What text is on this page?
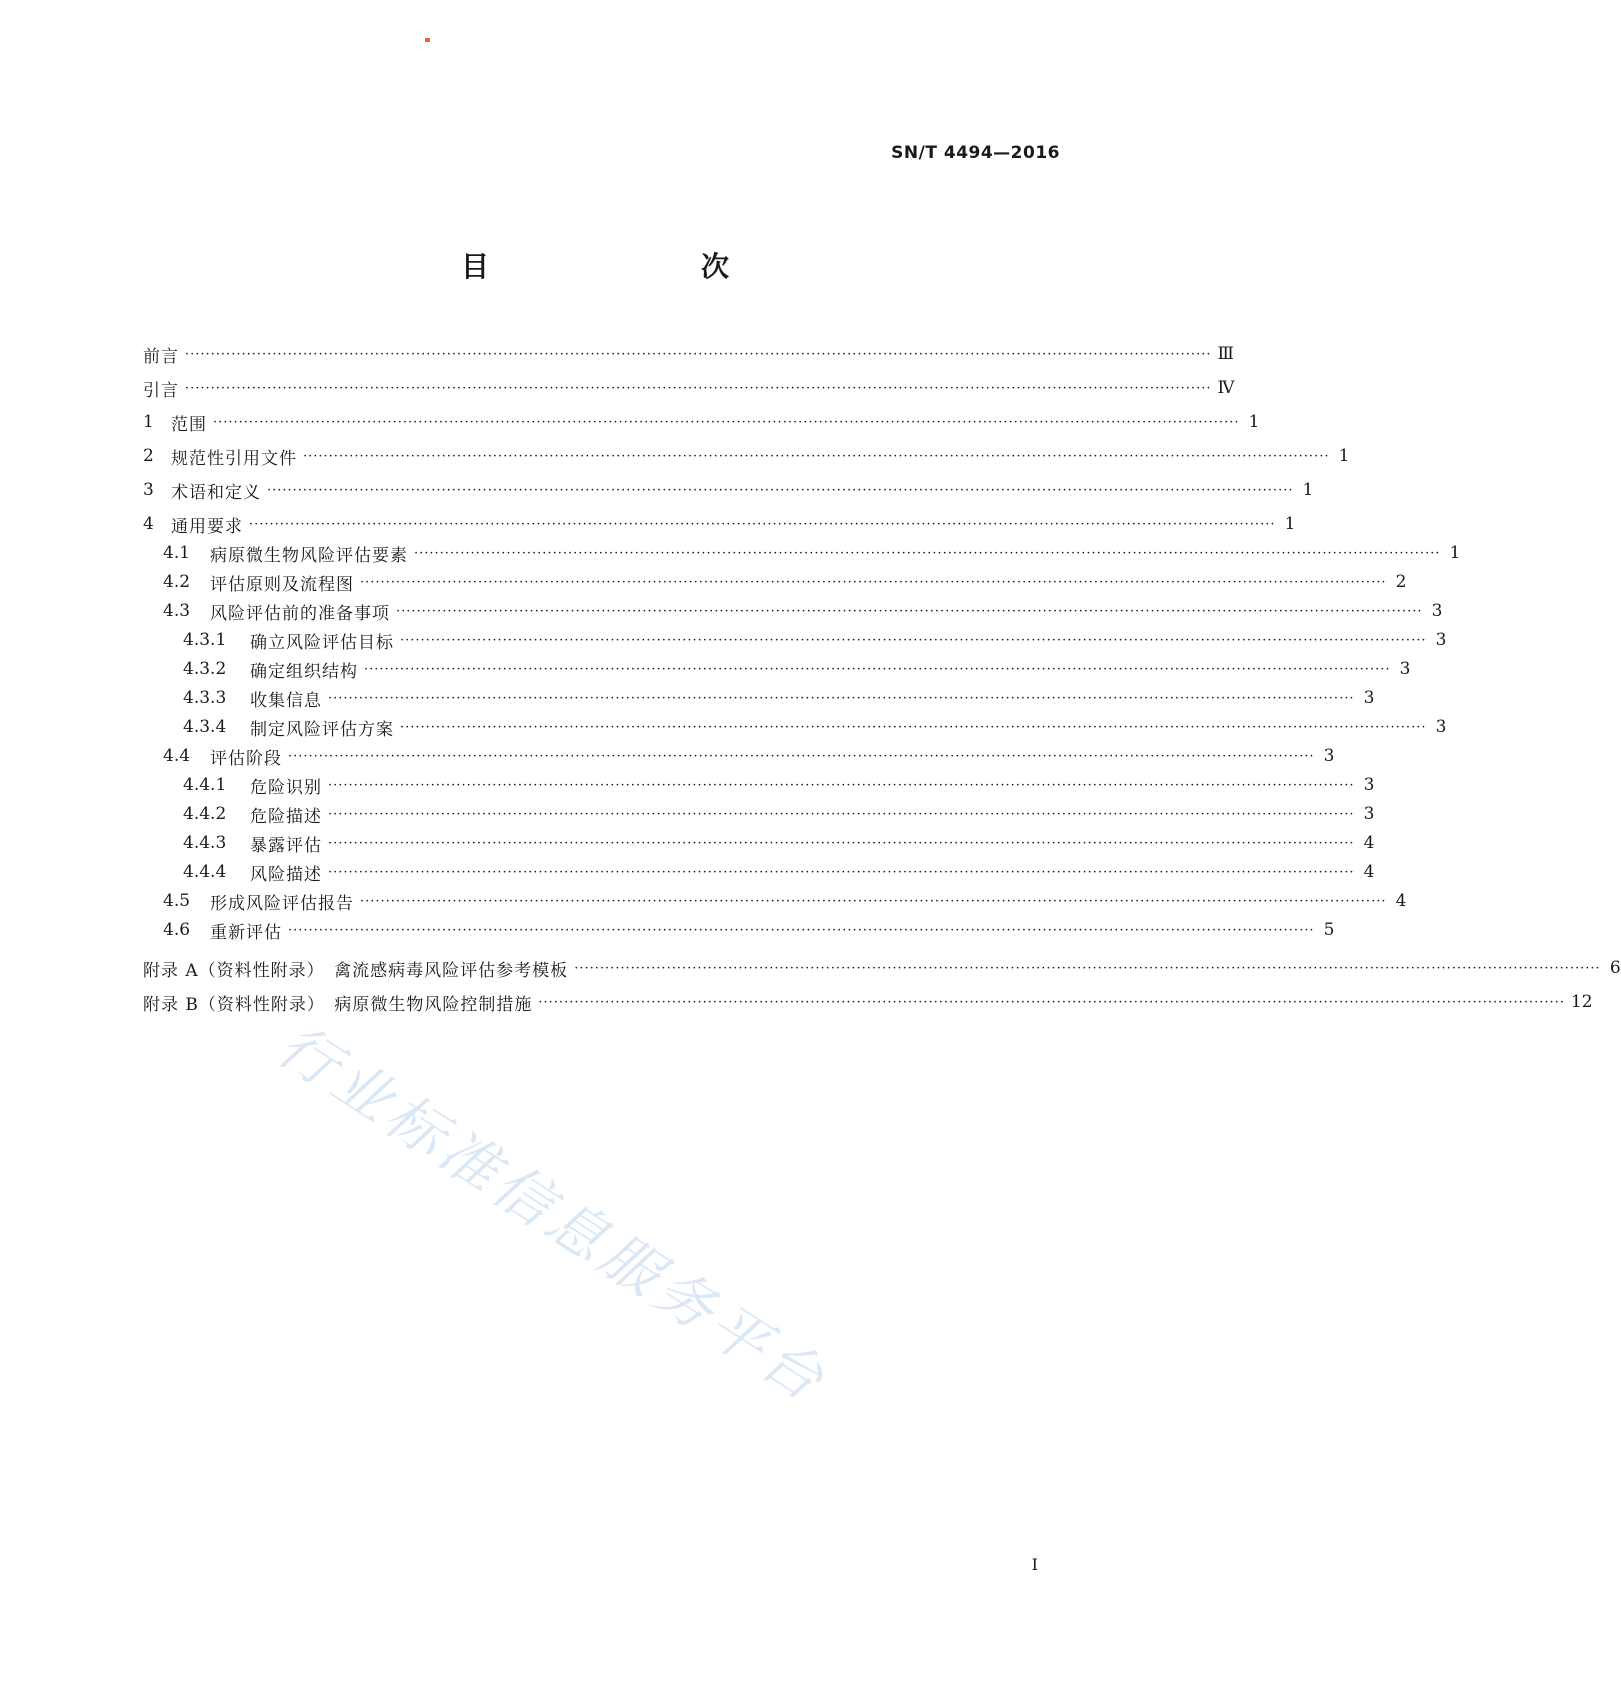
SN/T 4494—2016
目　　次
前言 ········································································································································································································ Ⅲ
引言 ········································································································································································································ Ⅳ
1	范围 ········································································································································································································ 1
2	规范性引用文件 ········································································································································································································ 1
3	术语和定义 ········································································································································································································ 1
4	通用要求 ········································································································································································································ 1
4.1	病原微生物风险评估要素 ········································································································································································································ 1
4.2	评估原则及流程图 ········································································································································································································ 2
4.3	风险评估前的准备事项 ········································································································································································································ 3
4.3.1	确立风险评估目标 ········································································································································································································ 3
4.3.2	确定组织结构 ········································································································································································································ 3
4.3.3	收集信息 ········································································································································································································ 3
4.3.4	制定风险评估方案 ········································································································································································································ 3
4.4	评估阶段 ········································································································································································································ 3
4.4.1	危险识别 ········································································································································································································ 3
4.4.2	危险描述 ········································································································································································································ 3
4.4.3	暴露评估 ········································································································································································································ 4
4.4.4	风险描述 ········································································································································································································ 4
4.5	形成风险评估报告 ········································································································································································································ 4
4.6	重新评估 ········································································································································································································ 5
附录 A（资料性附录）　禽流感病毒风险评估参考模板 ········································································································································································································ 6
附录 B（资料性附录）　病原微生物风险控制措施 ········································································································································································································ 12
I
行业标准信息服务平台
